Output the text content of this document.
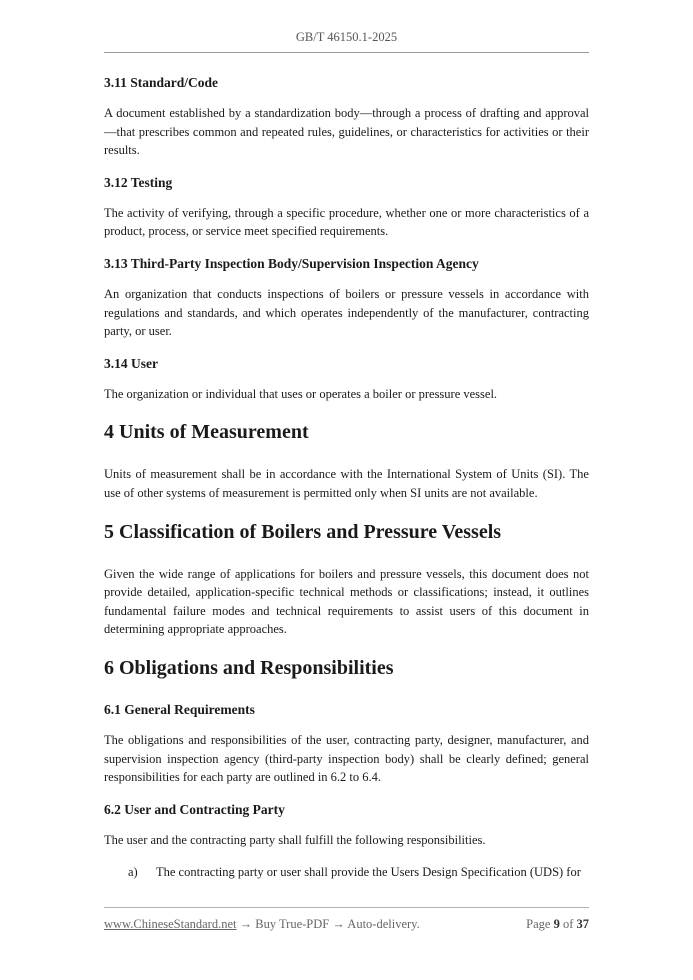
GB/T 46150.1-2025
3.11 Standard/Code

A document established by a standardization body—through a process of drafting and approval—that prescribes common and repeated rules, guidelines, or characteristics for activities or their results.

3.12 Testing

The activity of verifying, through a specific procedure, whether one or more characteristics of a product, process, or service meet specified requirements.

3.13 Third-Party Inspection Body/Supervision Inspection Agency

An organization that conducts inspections of boilers or pressure vessels in accordance with regulations and standards, and which operates independently of the manufacturer, contracting party, or user.

3.14 User

The organization or individual that uses or operates a boiler or pressure vessel.

4 Units of Measurement

Units of measurement shall be in accordance with the International System of Units (SI). The use of other systems of measurement is permitted only when SI units are not available.

5 Classification of Boilers and Pressure Vessels

Given the wide range of applications for boilers and pressure vessels, this document does not provide detailed, application-specific technical methods or classifications; instead, it outlines fundamental failure modes and technical requirements to assist users of this document in determining appropriate approaches.

6 Obligations and Responsibilities
6.1 General Requirements

The obligations and responsibilities of the user, contracting party, designer, manufacturer, and supervision inspection agency (third-party inspection body) shall be clearly defined; general responsibilities for each party are outlined in 6.2 to 6.4.

6.2 User and Contracting Party

The user and the contracting party shall fulfill the following responsibilities.

a)	The contracting party or user shall provide the Users Design Specification (UDS) for
www.ChineseStandard.net → Buy True-PDF → Auto-delivery.	Page 9 of 37
